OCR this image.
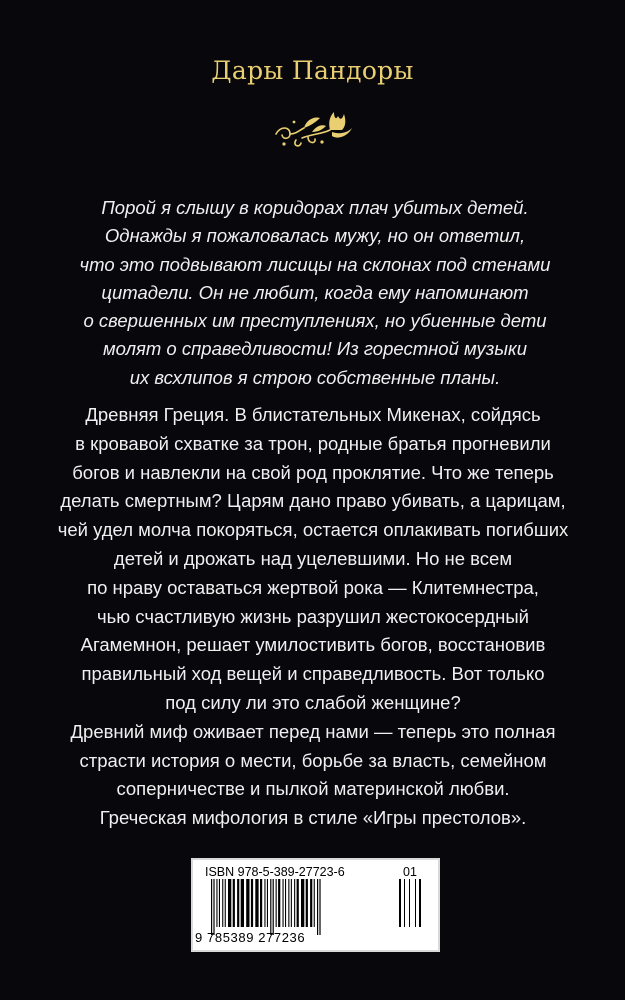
Дары Пандоры
Порой я слышу в коридорах плач убитых детей.
Однажды я пожаловалась мужу, но он ответил,
что это подвывают лисицы на склонах под стенами
цитадели. Он не любит, когда ему напоминают
о свершенных им преступлениях, но убиенные дети
молят о справедливости! Из горестной музыки
их всхлипов я строю собственные планы.
Древняя Греция. В блистательных Микенах, сойдясь
в кровавой схватке за трон, родные братья прогневили
богов и навлекли на свой род проклятие. Что же теперь
делать смертным? Царям дано право убивать, а царицам,
чей удел молча покоряться, остается оплакивать погибших
детей и дрожать над уцелевшими. Но не всем
по нраву оставаться жертвой рока — Клитемнестра,
чью счастливую жизнь разрушил жестокосердный
Агамемнон, решает умилостивить богов, восстановив
правильный ход вещей и справедливость. Вот только
под силу ли это слабой женщине?
Древний миф оживает перед нами — теперь это полная
страсти история о мести, борьбе за власть, семейном
соперничестве и пылкой материнской любви.
Греческая мифология в стиле «Игры престолов».
ISBN 978-5-389-27723-6	01
9 785389 277236
